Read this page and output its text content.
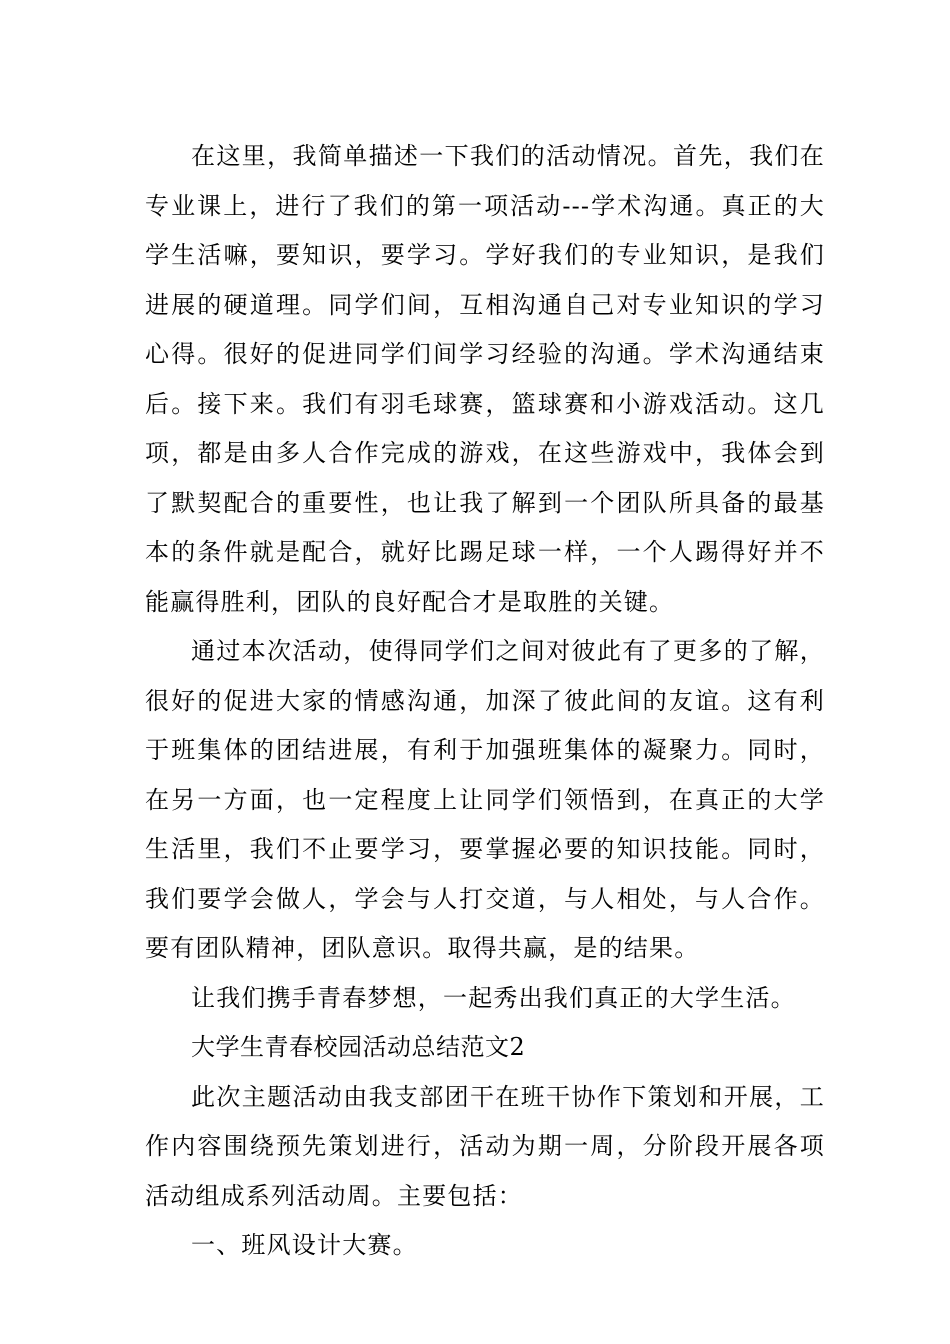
在这里，我简单描述一下我们的活动情况。首先，我们在专业课上，进行了我们的第一项活动---学术沟通。真正的大学生活嘛，要知识，要学习。学好我们的专业知识，是我们进展的硬道理。同学们间，互相沟通自己对专业知识的学习心得。很好的促进同学们间学习经验的沟通。学术沟通结束后。接下来。我们有羽毛球赛，篮球赛和小游戏活动。这几项，都是由多人合作完成的游戏，在这些游戏中，我体会到了默契配合的重要性，也让我了解到一个团队所具备的最基本的条件就是配合，就好比踢足球一样，一个人踢得好并不能赢得胜利，团队的良好配合才是取胜的关键。

通过本次活动，使得同学们之间对彼此有了更多的了解，很好的促进大家的情感沟通，加深了彼此间的友谊。这有利于班集体的团结进展，有利于加强班集体的凝聚力。同时，在另一方面，也一定程度上让同学们领悟到，在真正的大学生活里，我们不止要学习，要掌握必要的知识技能。同时，我们要学会做人，学会与人打交道，与人相处，与人合作。要有团队精神，团队意识。取得共赢，是的结果。

让我们携手青春梦想，一起秀出我们真正的大学生活。

大学生青春校园活动总结范文2

此次主题活动由我支部团干在班干协作下策划和开展，工作内容围绕预先策划进行，活动为期一周，分阶段开展各项活动组成系列活动周。主要包括：

一、班风设计大赛。
